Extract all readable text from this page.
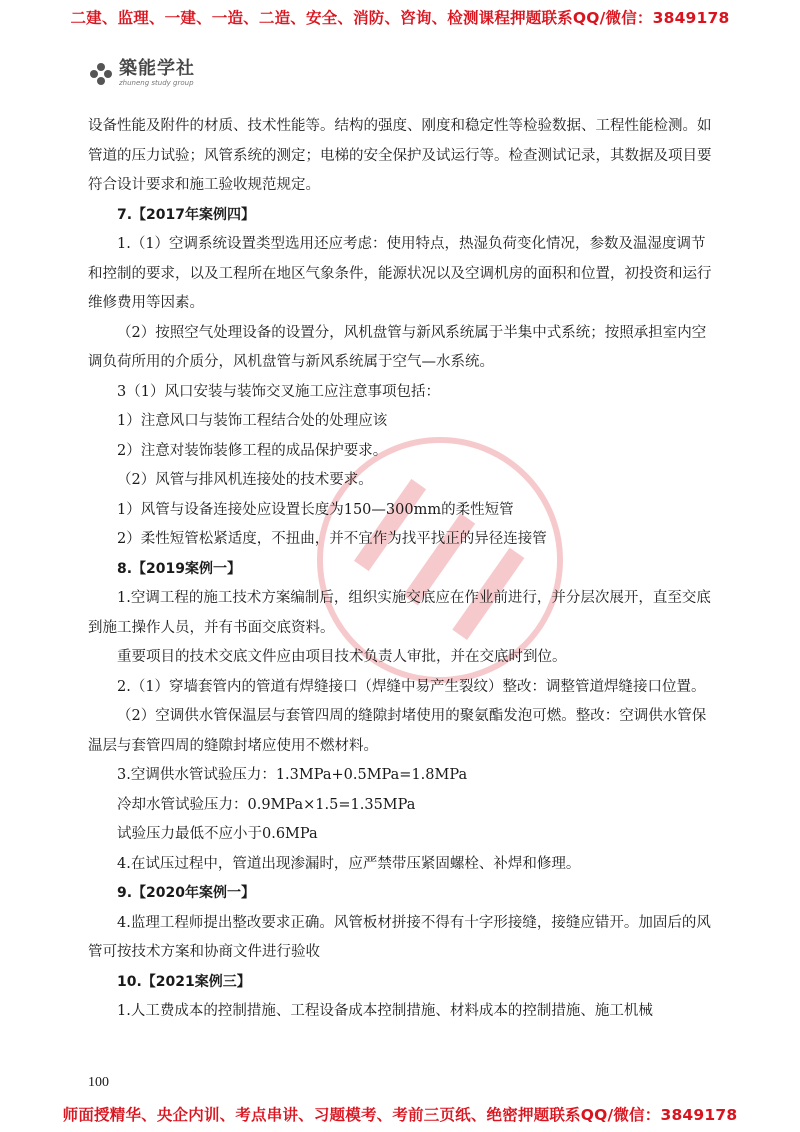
二建、监理、一建、一造、二造、安全、消防、咨询、检测课程押题联系QQ/微信：3849178
築能学社
zhuneng study group

设备性能及附件的材质、技术性能等。结构的强度、刚度和稳定性等检验数据、工程性能检测。如管道的压力试验；风管系统的测定；电梯的安全保护及试运行等。检查测试记录，其数据及项目要符合设计要求和施工验收规范规定。

7.【2017年案例四】

1.（1）空调系统设置类型选用还应考虑：使用特点，热湿负荷变化情况，参数及温湿度调节和控制的要求，以及工程所在地区气象条件，能源状况以及空调机房的面积和位置，初投资和运行维修费用等因素。

（2）按照空气处理设备的设置分，风机盘管与新风系统属于半集中式系统；按照承担室内空调负荷所用的介质分，风机盘管与新风系统属于空气—水系统。

3（1）风口安装与装饰交叉施工应注意事项包括：

1）注意风口与装饰工程结合处的处理应该

2）注意对装饰装修工程的成品保护要求。

（2）风管与排风机连接处的技术要求。

1）风管与设备连接处应设置长度为150—300mm的柔性短管

2）柔性短管松紧适度，不扭曲，并不宜作为找平找正的异径连接管

8.【2019案例一】

1.空调工程的施工技术方案编制后，组织实施交底应在作业前进行，并分层次展开，直至交底到施工操作人员，并有书面交底资料。

重要项目的技术交底文件应由项目技术负责人审批，并在交底时到位。

2.（1）穿墙套管内的管道有焊缝接口（焊缝中易产生裂纹）整改：调整管道焊缝接口位置。

（2）空调供水管保温层与套管四周的缝隙封堵使用的聚氨酯发泡可燃。整改：空调供水管保温层与套管四周的缝隙封堵应使用不燃材料。

3.空调供水管试验压力：1.3MPa+0.5MPa=1.8MPa

冷却水管试验压力：0.9MPa×1.5=1.35MPa

试验压力最低不应小于0.6MPa

4.在试压过程中，管道出现渗漏时，应严禁带压紧固螺栓、补焊和修理。

9.【2020年案例一】

4.监理工程师提出整改要求正确。风管板材拼接不得有十字形接缝，接缝应错开。加固后的风管可按技术方案和协商文件进行验收

10.【2021案例三】

1.人工费成本的控制措施、工程设备成本控制措施、材料成本的控制措施、施工机械

100
师面授精华、央企内训、考点串讲、习题模考、考前三页纸、绝密押题联系QQ/微信：3849178
